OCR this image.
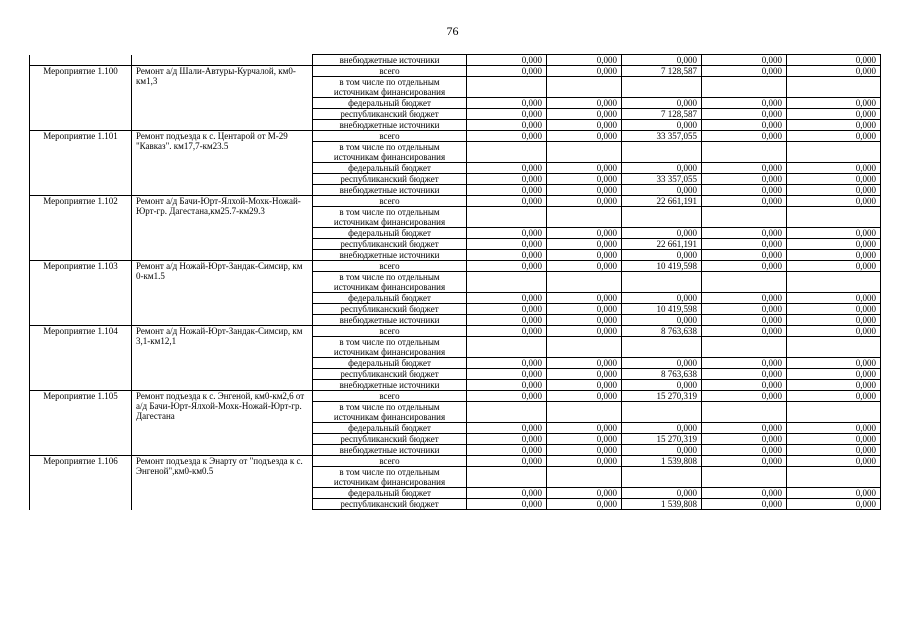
76
		внебюджетные источники	0,000	0,000	0,000	0,000	0,000
Мероприятие 1.100	Ремонт а/д Шали-Автуры-Курчалой, км0-км1,3	всего	0,000	0,000	7 128,587	0,000	0,000
		в том числе по отдельным источникам финансирования					
		федеральный бюджет	0,000	0,000	0,000	0,000	0,000
		республиканский бюджет	0,000	0,000	7 128,587	0,000	0,000
		внебюджетные источники	0,000	0,000	0,000	0,000	0,000
Мероприятие 1.101	Ремонт подъезда к с. Центарой от М-29 "Кавказ". км17,7-км23.5	всего	0,000	0,000	33 357,055	0,000	0,000
		в том числе по отдельным источникам финансирования					
		федеральный бюджет	0,000	0,000	0,000	0,000	0,000
		республиканский бюджет	0,000	0,000	33 357,055	0,000	0,000
		внебюджетные источники	0,000	0,000	0,000	0,000	0,000
Мероприятие 1.102	Ремонт а/д Бачи-Юрт-Ялхой-Мохк-Ножай-Юрт-гр. Дагестана,км25.7-км29.3	всего	0,000	0,000	22 661,191	0,000	0,000
		в том числе по отдельным источникам финансирования					
		федеральный бюджет	0,000	0,000	0,000	0,000	0,000
		республиканский бюджет	0,000	0,000	22 661,191	0,000	0,000
		внебюджетные источники	0,000	0,000	0,000	0,000	0,000
Мероприятие 1.103	Ремонт а/д Ножай-Юрт-Зандак-Симсир, км 0-км1.5	всего	0,000	0,000	10 419,598	0,000	0,000
		в том числе по отдельным источникам финансирования					
		федеральный бюджет	0,000	0,000	0,000	0,000	0,000
		республиканский бюджет	0,000	0,000	10 419,598	0,000	0,000
		внебюджетные источники	0,000	0,000	0,000	0,000	0,000
Мероприятие 1.104	Ремонт а/д Ножай-Юрт-Зандак-Симсир, км 3,1-км12,1	всего	0,000	0,000	8 763,638	0,000	0,000
		в том числе по отдельным источникам финансирования					
		федеральный бюджет	0,000	0,000	0,000	0,000	0,000
		республиканский бюджет	0,000	0,000	8 763,638	0,000	0,000
		внебюджетные источники	0,000	0,000	0,000	0,000	0,000
Мероприятие 1.105	Ремонт подъезда к с. Энгеной, км0-км2,6 от а/д Бачи-Юрт-Ялхой-Мохк-Ножай-Юрт-гр. Дагестана	всего	0,000	0,000	15 270,319	0,000	0,000
		в том числе по отдельным источникам финансирования					
		федеральный бюджет	0,000	0,000	0,000	0,000	0,000
		республиканский бюджет	0,000	0,000	15 270,319	0,000	0,000
		внебюджетные источники	0,000	0,000	0,000	0,000	0,000
Мероприятие 1.106	Ремонт подъезда к Энарту от "подъезда к с. Энгеной",км0-км0.5	всего	0,000	0,000	1 539,808	0,000	0,000
		в том числе по отдельным источникам финансирования					
		федеральный бюджет	0,000	0,000	0,000	0,000	0,000
		республиканский бюджет	0,000	0,000	1 539,808	0,000	0,000
